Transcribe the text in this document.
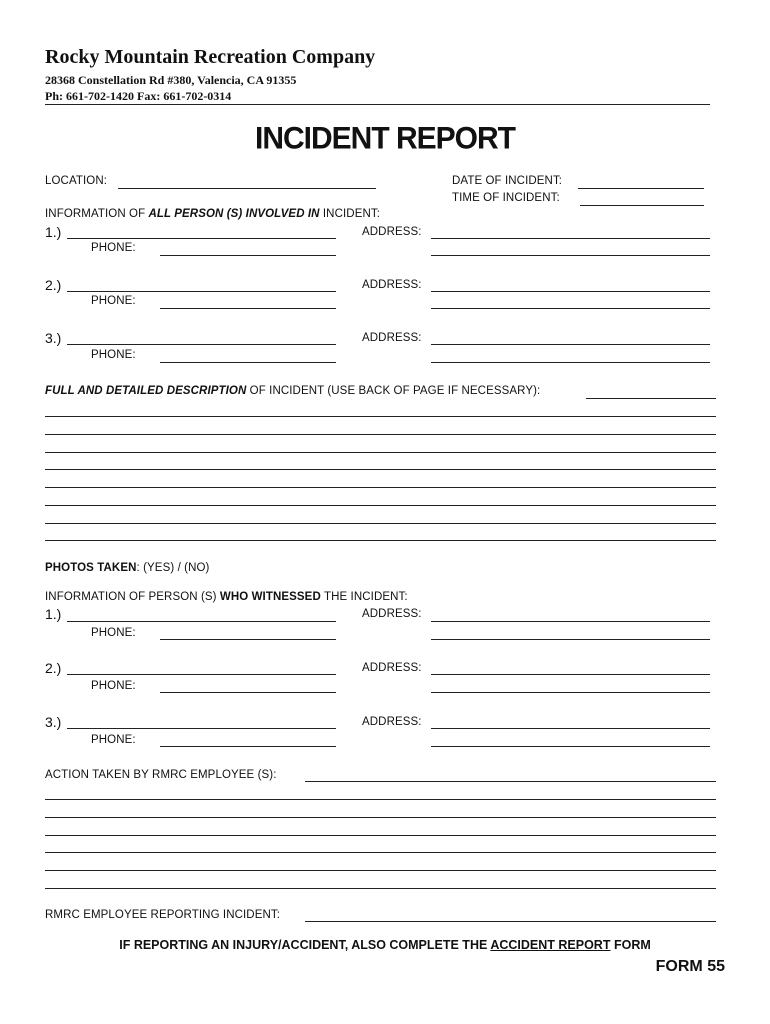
Rocky Mountain Recreation Company
28368 Constellation Rd #380, Valencia, CA 91355
Ph: 661-702-1420 Fax: 661-702-0314
INCIDENT REPORT
LOCATION:	DATE OF INCIDENT:
TIME OF INCIDENT:
INFORMATION OF ALL PERSON (S) INVOLVED IN INCIDENT:
1.)	ADDRESS:
PHONE:
2.)	ADDRESS:
PHONE:
3.)	ADDRESS:
PHONE:
FULL AND DETAILED DESCRIPTION OF INCIDENT (USE BACK OF PAGE IF NECESSARY):
PHOTOS TAKEN: (YES) / (NO)
INFORMATION OF PERSON (S) WHO WITNESSED THE INCIDENT:
1.)	ADDRESS:
PHONE:
2.)	ADDRESS:
PHONE:
3.)	ADDRESS:
PHONE:
ACTION TAKEN BY RMRC EMPLOYEE (S):
RMRC EMPLOYEE REPORTING INCIDENT:
IF REPORTING AN INJURY/ACCIDENT, ALSO COMPLETE THE ACCIDENT REPORT FORM
FORM 55
